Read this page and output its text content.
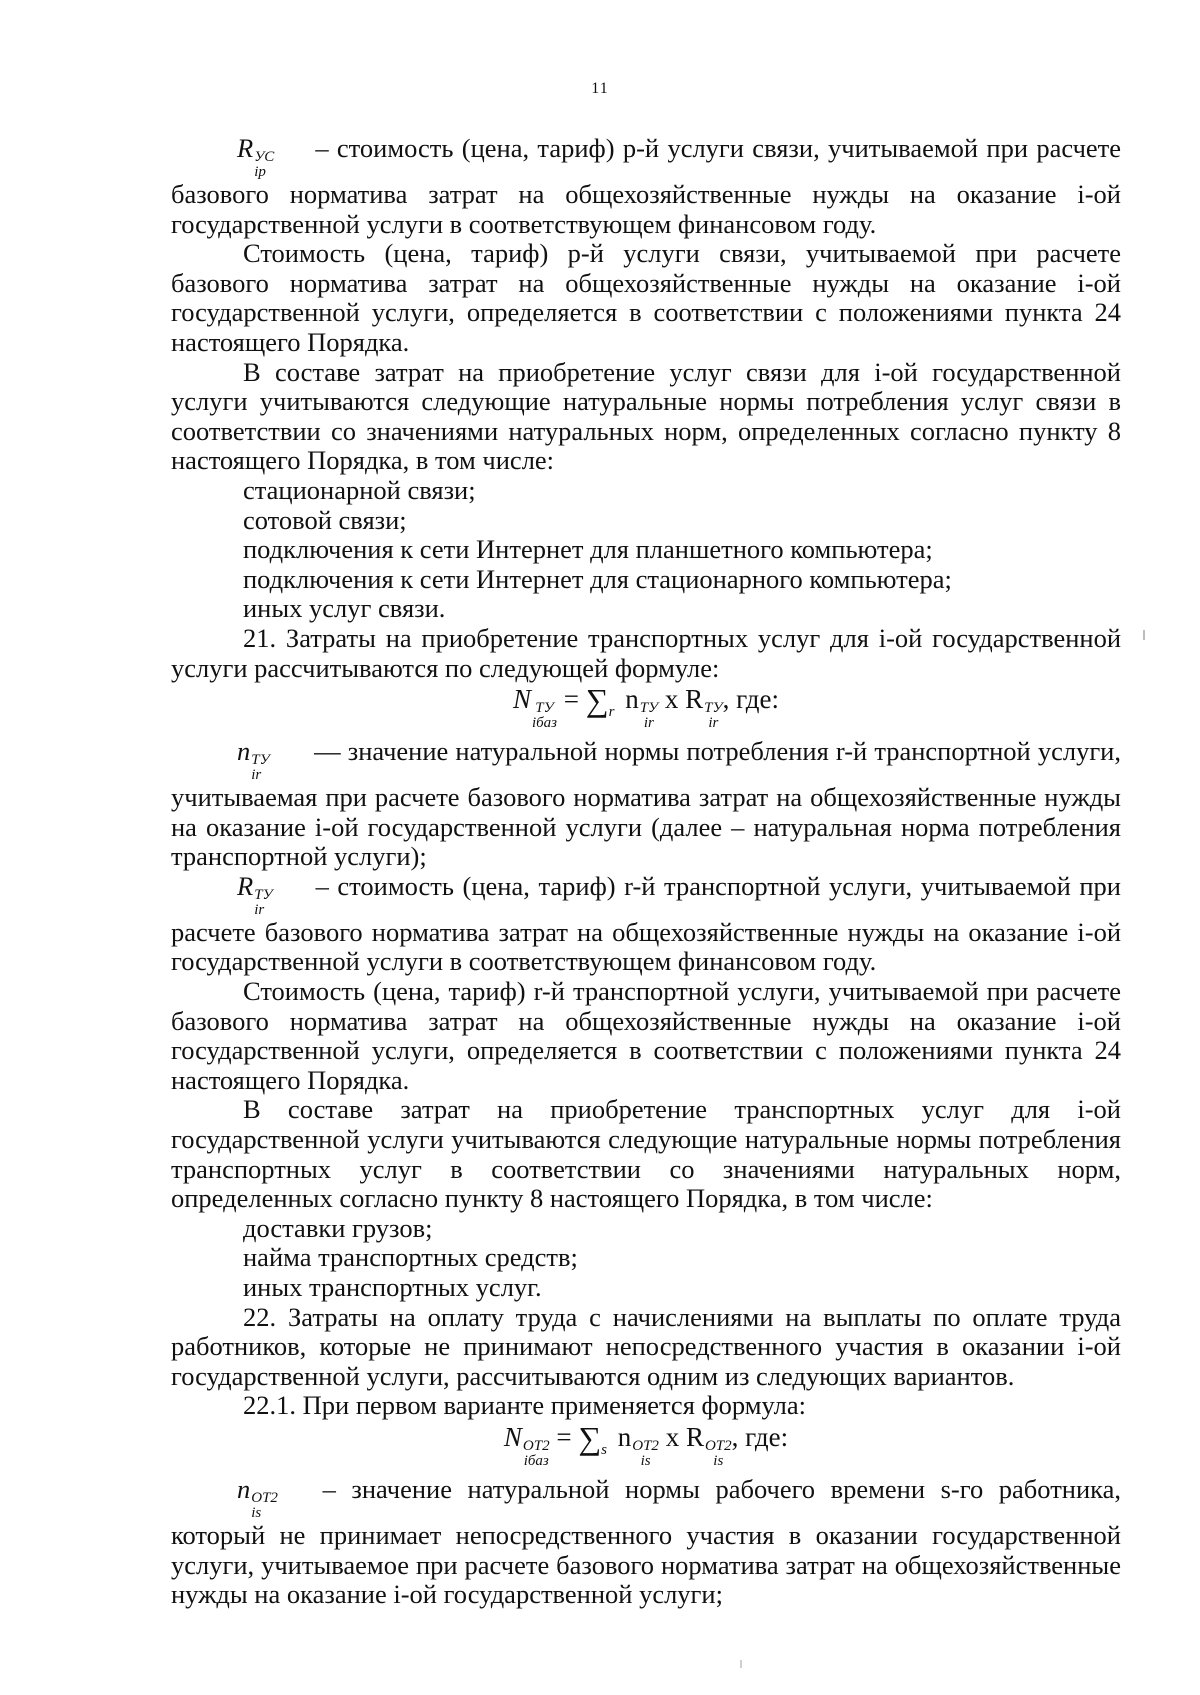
11

R УС
ip
– стоимость (цена, тариф) p-й услуги связи, учитываемой при расчете базового норматива затрат на общехозяйственные нужды на оказание i-ой государственной услуги в соответствующем финансовом году.

Стоимость (цена, тариф) p-й услуги связи, учитываемой при расчете базового норматива затрат на общехозяйственные нужды на оказание i-ой государственной услуги, определяется в соответствии с положениями пункта 24 настоящего Порядка.

В составе затрат на приобретение услуг связи для i-ой государственной услуги учитываются следующие натуральные нормы потребления услуг связи в соответствии со значениями натуральных норм, определенных согласно пункту 8 настоящего Порядка, в том числе:

стационарной связи;

сотовой связи;

подключения к сети Интернет для планшетного компьютера;

подключения к сети Интернет для стационарного компьютера;

иных услуг связи.

21. Затраты на приобретение транспортных услуг для i-ой государственной услуги рассчитываются по следующей формуле:

N ТУ
iбаз
= $\sum_r$ n ТУ
ir
x R ТУ
ir
, где:

n ТУ
ir
— значение натуральной нормы потребления r-й транспортной услуги, учитываемая при расчете базового норматива затрат на общехозяйственные нужды на оказание i-ой государственной услуги (далее – натуральная норма потребления транспортной услуги);

R ТУ
ir
– стоимость (цена, тариф) r-й транспортной услуги, учитываемой при расчете базового норматива затрат на общехозяйственные нужды на оказание i-ой государственной услуги в соответствующем финансовом году.

Стоимость (цена, тариф) r-й транспортной услуги, учитываемой при расчете базового норматива затрат на общехозяйственные нужды на оказание i-ой государственной услуги, определяется в соответствии с положениями пункта 24 настоящего Порядка.

В составе затрат на приобретение транспортных услуг для i-ой государственной услуги учитываются следующие натуральные нормы потребления транспортных услуг в соответствии со значениями натуральных норм, определенных согласно пункту 8 настоящего Порядка, в том числе:

доставки грузов;

найма транспортных средств;

иных транспортных услуг.

22. Затраты на оплату труда с начислениями на выплаты по оплате труда работников, которые не принимают непосредственного участия в оказании i-ой государственной услуги, рассчитываются одним из следующих вариантов.

22.1. При первом варианте применяется формула:

N ОТ2
iбаз
= $\sum_s$ n ОТ2
is
x R ОТ2
is
, где:

n ОТ2
is
– значение натуральной нормы рабочего времени s-го работника, который не принимает непосредственного участия в оказании государственной услуги, учитываемое при расчете базового норматива затрат на общехозяйственные нужды на оказание i-ой государственной услуги;
